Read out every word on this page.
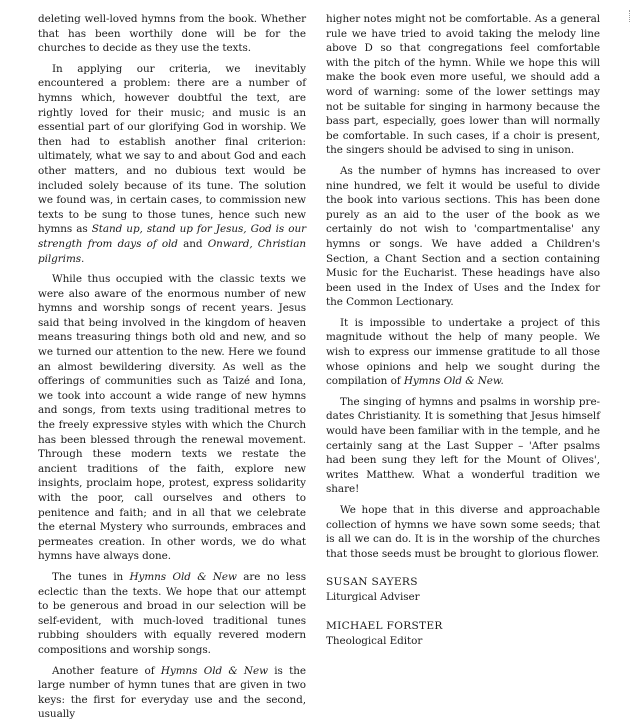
deleting well-loved hymns from the book. Whether that has been worthily done will be for the churches to decide as they use the texts.

In applying our criteria, we inevitably encountered a problem: there are a number of hymns which, however doubtful the text, are rightly loved for their music; and music is an essential part of our glorifying God in worship. We then had to establish another final criterion: ultimately, what we say to and about God and each other matters, and no dubious text would be included solely because of its tune. The solution we found was, in certain cases, to commission new texts to be sung to those tunes, hence such new hymns as Stand up, stand up for Jesus, God is our strength from days of old and Onward, Christian pilgrims.

While thus occupied with the classic texts we were also aware of the enormous number of new hymns and worship songs of recent years. Jesus said that being involved in the kingdom of heaven means treasuring things both old and new, and so we turned our attention to the new. Here we found an almost bewildering diversity. As well as the offerings of communities such as Taizé and Iona, we took into account a wide range of new hymns and songs, from texts using traditional metres to the freely expressive styles with which the Church has been blessed through the renewal movement. Through these modern texts we restate the ancient traditions of the faith, explore new insights, proclaim hope, protest, express solidarity with the poor, call ourselves and others to penitence and faith; and in all that we celebrate the eternal Mystery who surrounds, embraces and permeates creation. In other words, we do what hymns have always done.

The tunes in Hymns Old & New are no less eclectic than the texts. We hope that our attempt to be generous and broad in our selection will be self-evident, with much-loved traditional tunes rubbing shoulders with equally revered modern compositions and worship songs.

Another feature of Hymns Old & New is the large number of hymn tunes that are given in two keys: the first for everyday use and the second, usually

higher notes might not be comfortable. As a general rule we have tried to avoid taking the melody line above D so that congregations feel comfortable with the pitch of the hymn. While we hope this will make the book even more useful, we should add a word of warning: some of the lower settings may not be suitable for singing in harmony because the bass part, especially, goes lower than will normally be comfortable. In such cases, if a choir is present, the singers should be advised to sing in unison.

As the number of hymns has increased to over nine hundred, we felt it would be useful to divide the book into various sections. This has been done purely as an aid to the user of the book as we certainly do not wish to 'compartmentalise' any hymns or songs. We have added a Children's Section, a Chant Section and a section containing Music for the Eucharist. These headings have also been used in the Index of Uses and the Index for the Common Lectionary.

It is impossible to undertake a project of this magnitude without the help of many people. We wish to express our immense gratitude to all those whose opinions and help we sought during the compilation of Hymns Old & New.

The singing of hymns and psalms in worship pre-dates Christianity. It is something that Jesus himself would have been familiar with in the temple, and he certainly sang at the Last Supper – 'After psalms had been sung they left for the Mount of Olives', writes Matthew. What a wonderful tradition we share!

We hope that in this diverse and approachable collection of hymns we have sown some seeds; that is all we can do. It is in the worship of the churches that those seeds must be brought to glorious flower.

SUSAN SAYERS
Liturgical Adviser
MICHAEL FORSTER
Theological Editor
